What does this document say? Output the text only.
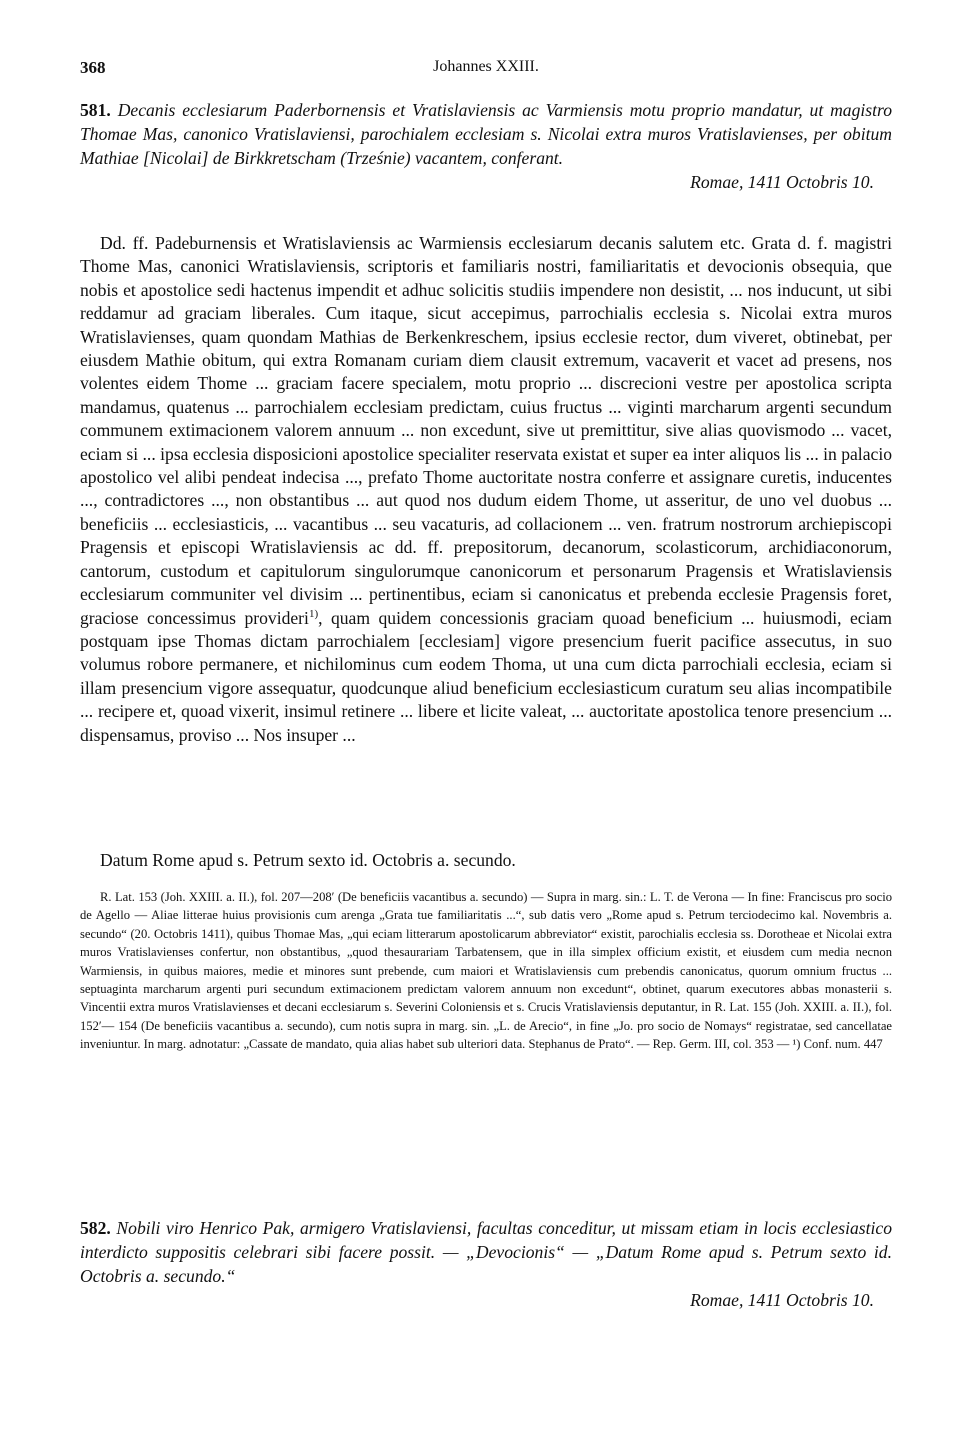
368	Johannes XXIII.

581. Decanis ecclesiarum Paderbornensis et Vratislaviensis ac Varmiensis motu proprio mandatur, ut magistro Thomae Mas, canonico Vratislaviensi, parochialem ecclesiam s. Nicolai extra muros Vratislavienses, per obitum Mathiae [Nicolai] de Birkkretscham (Trześnie) vacantem, conferant.

Romae, 1411 Octobris 10.

Dd. ff. Padeburnensis et Wratislaviensis ac Warmiensis ecclesiarum decanis salutem etc. Grata d. f. magistri Thome Mas, canonici Wratislaviensis, scriptoris et familiaris nostri, familiaritatis et devocionis obsequia, que nobis et apostolice sedi hactenus impendit et adhuc solicitis studiis impendere non desistit, ... nos inducunt, ut sibi reddamur ad graciam liberales. Cum itaque, sicut accepimus, parrochialis ecclesia s. Nicolai extra muros Wratislavienses, quam quondam Mathias de Berkenkreschem, ipsius ecclesie rector, dum viveret, obtinebat, per eiusdem Mathie obitum, qui extra Romanam curiam diem clausit extremum, vacaverit et vacet ad presens, nos volentes eidem Thome ... graciam facere specialem, motu proprio ... discrecioni vestre per apostolica scripta mandamus, quatenus ... parrochialem ecclesiam predictam, cuius fructus ... viginti marcharum argenti secundum communem extimacionem valorem annuum ... non excedunt, sive ut premittitur, sive alias quovismodo ... vacet, eciam si ... ipsa ecclesia disposicioni apostolice specialiter reservata existat et super ea inter aliquos lis ... in palacio apostolico vel alibi pendeat indecisa ..., prefato Thome auctoritate nostra conferre et assignare curetis, inducentes ..., contradictores ..., non obstantibus ... aut quod nos dudum eidem Thome, ut asseritur, de uno vel duobus ... beneficiis ... ecclesiasticis, ... vacantibus ... seu vacaturis, ad collacionem ... ven. fratrum nostrorum archiepiscopi Pragensis et episcopi Wratislaviensis ac dd. ff. prepositorum, decanorum, scolasticorum, archidiaconorum, cantorum, custodum et capitulorum singulorumque canonicorum et personarum Pragensis et Wratislaviensis ecclesiarum communiter vel divisim ... pertinentibus, eciam si canonicatus et prebenda ecclesie Pragensis foret, graciose concessimus provideri$^{1)}$, quam quidem concessionis graciam quoad beneficium ... huiusmodi, eciam postquam ipse Thomas dictam parrochialem [ecclesiam] vigore presencium fuerit pacifice assecutus, in suo volumus robore permanere, et nichilominus cum eodem Thoma, ut una cum dicta parrochiali ecclesia, eciam si illam presencium vigore assequatur, quodcunque aliud beneficium ecclesiasticum curatum seu alias incompatibile ... recipere et, quoad vixerit, insimul retinere ... libere et licite valeat, ... auctoritate apostolica tenore presencium ... dispensamus, proviso ... Nos insuper ...

Datum Rome apud s. Petrum sexto id. Octobris a. secundo.

R. Lat. 153 (Joh. XXIII. a. II.), fol. 207—208′ (De beneficiis vacantibus a. secundo) — Supra in marg. sin.: L. T. de Verona — In fine: Franciscus pro socio de Agello — Aliae litterae huius provisionis cum arenga „Grata tue familiaritatis ...“, sub datis vero „Rome apud s. Petrum terciodecimo kal. Novembris a. secundo“ (20. Octobris 1411), quibus Thomae Mas, „qui eciam litterarum apostolicarum abbreviator“ existit, parochialis ecclesia ss. Dorotheae et Nicolai extra muros Vratislavienses confertur, non obstantibus, „quod thesaurariam Tarbatensem, que in illa simplex officium existit, et eiusdem cum media necnon Warmiensis, in quibus maiores, medie et minores sunt prebende, cum maiori et Wratislaviensis cum prebendis canonicatus, quorum omnium fructus ... septuaginta marcharum argenti puri secundum extimacionem predictam valorem annuum non excedunt“, obtinet, quarum executores abbas monasterii s. Vincentii extra muros Vratislavienses et decani ecclesiarum s. Severini Coloniensis et s. Crucis Vratislaviensis deputantur, in R. Lat. 155 (Joh. XXIII. a. II.), fol. 152′— 154 (De beneficiis vacantibus a. secundo), cum notis supra in marg. sin. „L. de Arecio“, in fine „Jo. pro socio de Nomays“ registratae, sed cancellatae inveniuntur. In marg. adnotatur: „Cassate de mandato, quia alias habet sub ulteriori data. Stephanus de Prato“. — Rep. Germ. III, col. 353 — ¹) Conf. num. 447

582. Nobili viro Henrico Pak, armigero Vratislaviensi, facultas conceditur, ut missam etiam in locis ecclesiastico interdicto suppositis celebrari sibi facere possit. — „Devocionis“ — „Datum Rome apud s. Petrum sexto id. Octobris a. secundo.“

Romae, 1411 Octobris 10.
